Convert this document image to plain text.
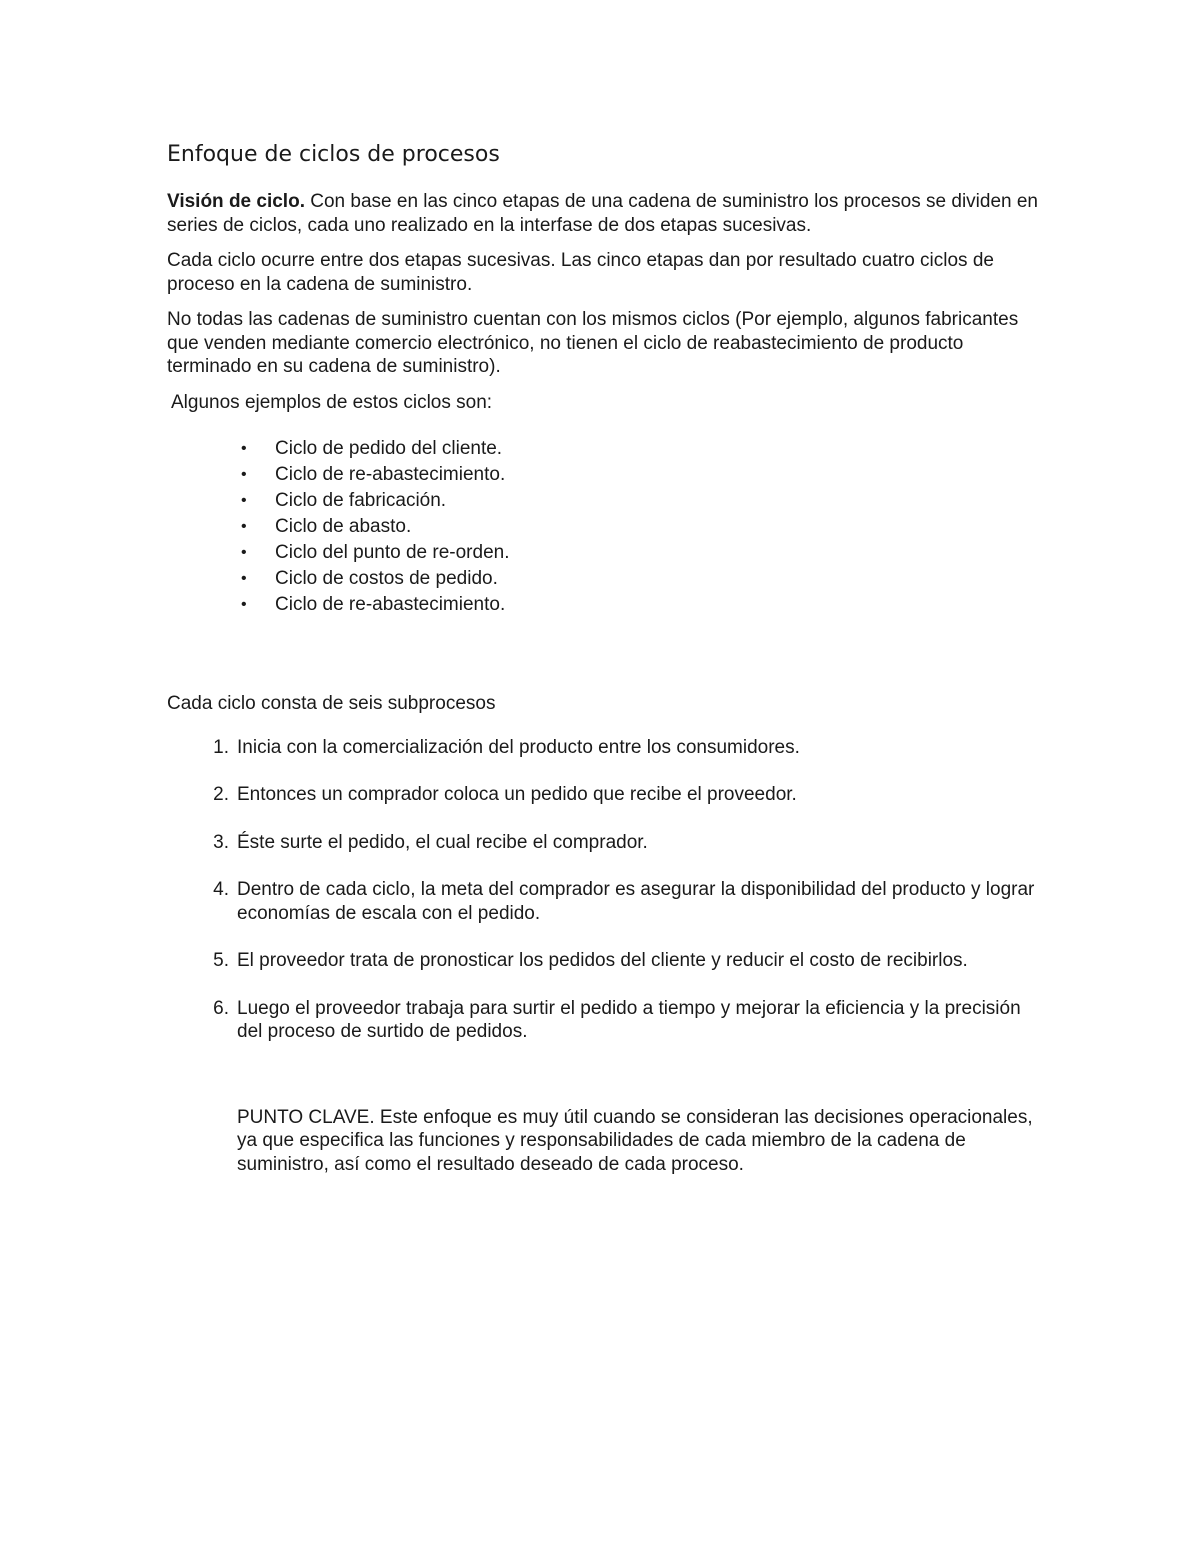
Enfoque de ciclos de procesos

Visión de ciclo. Con base en las cinco etapas de una cadena de suministro los procesos se dividen en series de ciclos, cada uno realizado en la interfase de dos etapas sucesivas.

Cada ciclo ocurre entre dos etapas sucesivas. Las cinco etapas dan por resultado cuatro ciclos de proceso en la cadena de suministro.

No todas las cadenas de suministro cuentan con los mismos ciclos (Por ejemplo, algunos fabricantes que venden mediante comercio electrónico, no tienen el ciclo de reabastecimiento de producto terminado en su cadena de suministro).

Algunos ejemplos de estos ciclos son:

• Ciclo de pedido del cliente.
• Ciclo de re-abastecimiento.
• Ciclo de fabricación.
• Ciclo de abasto.
• Ciclo del punto de re-orden.
• Ciclo de costos de pedido.
• Ciclo de re-abastecimiento.

Cada ciclo consta de seis subprocesos

1. Inicia con la comercialización del producto entre los consumidores.
2. Entonces un comprador coloca un pedido que recibe el proveedor.
3. Éste surte el pedido, el cual recibe el comprador.
4. Dentro de cada ciclo, la meta del comprador es asegurar la disponibilidad del producto y lograr economías de escala con el pedido.
5. El proveedor trata de pronosticar los pedidos del cliente y reducir el costo de recibirlos.
6. Luego el proveedor trabaja para surtir el pedido a tiempo y mejorar la eficiencia y la precisión del proceso de surtido de pedidos.

PUNTO CLAVE. Este enfoque es muy útil cuando se consideran las decisiones operacionales, ya que especifica las funciones y responsabilidades de cada miembro de la cadena de suministro, así como el resultado deseado de cada proceso.
